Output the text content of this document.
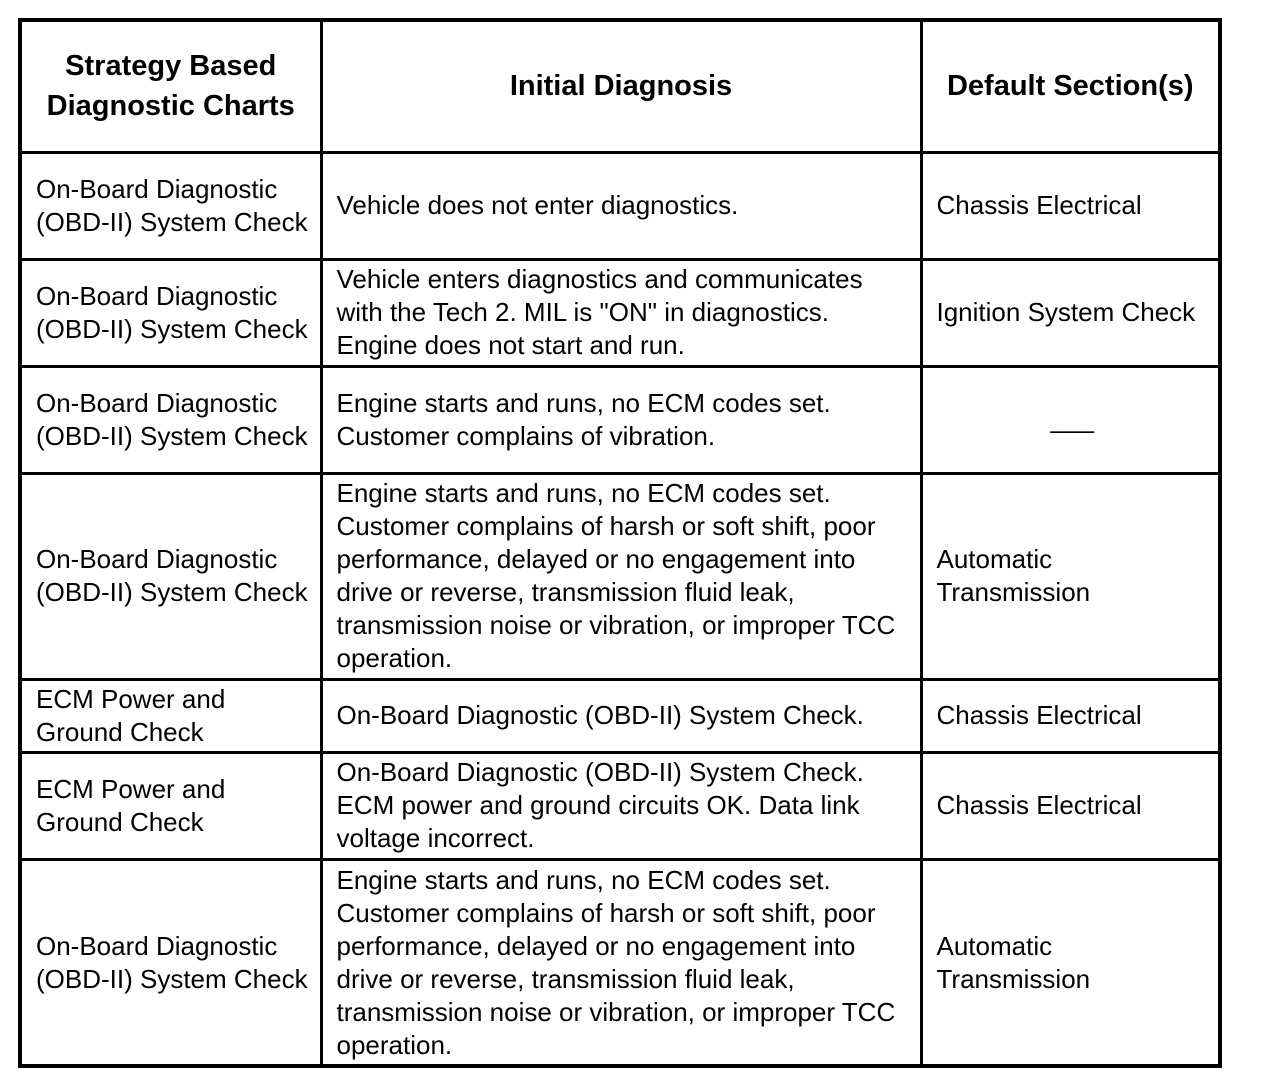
Strategy Based Diagnostic Charts	Initial Diagnosis	Default Section(s)
On-Board Diagnostic (OBD-II) System Check	Vehicle does not enter diagnostics.	Chassis Electrical
On-Board Diagnostic (OBD-II) System Check	Vehicle enters diagnostics and communicates with the Tech 2. MIL is "ON" in diagnostics. Engine does not start and run.	Ignition System Check
On-Board Diagnostic (OBD-II) System Check	Engine starts and runs, no ECM codes set. Customer complains of vibration.	___
On-Board Diagnostic (OBD-II) System Check	Engine starts and runs, no ECM codes set. Customer complains of harsh or soft shift, poor performance, delayed or no engagement into drive or reverse, transmission fluid leak, transmission noise or vibration, or improper TCC operation.	Automatic Transmission
ECM Power and Ground Check	On-Board Diagnostic (OBD-II) System Check.	Chassis Electrical
ECM Power and Ground Check	On-Board Diagnostic (OBD-II) System Check. ECM power and ground circuits OK. Data link voltage incorrect.	Chassis Electrical
On-Board Diagnostic (OBD-II) System Check	Engine starts and runs, no ECM codes set. Customer complains of harsh or soft shift, poor performance, delayed or no engagement into drive or reverse, transmission fluid leak, transmission noise or vibration, or improper TCC operation.	Automatic Transmission
